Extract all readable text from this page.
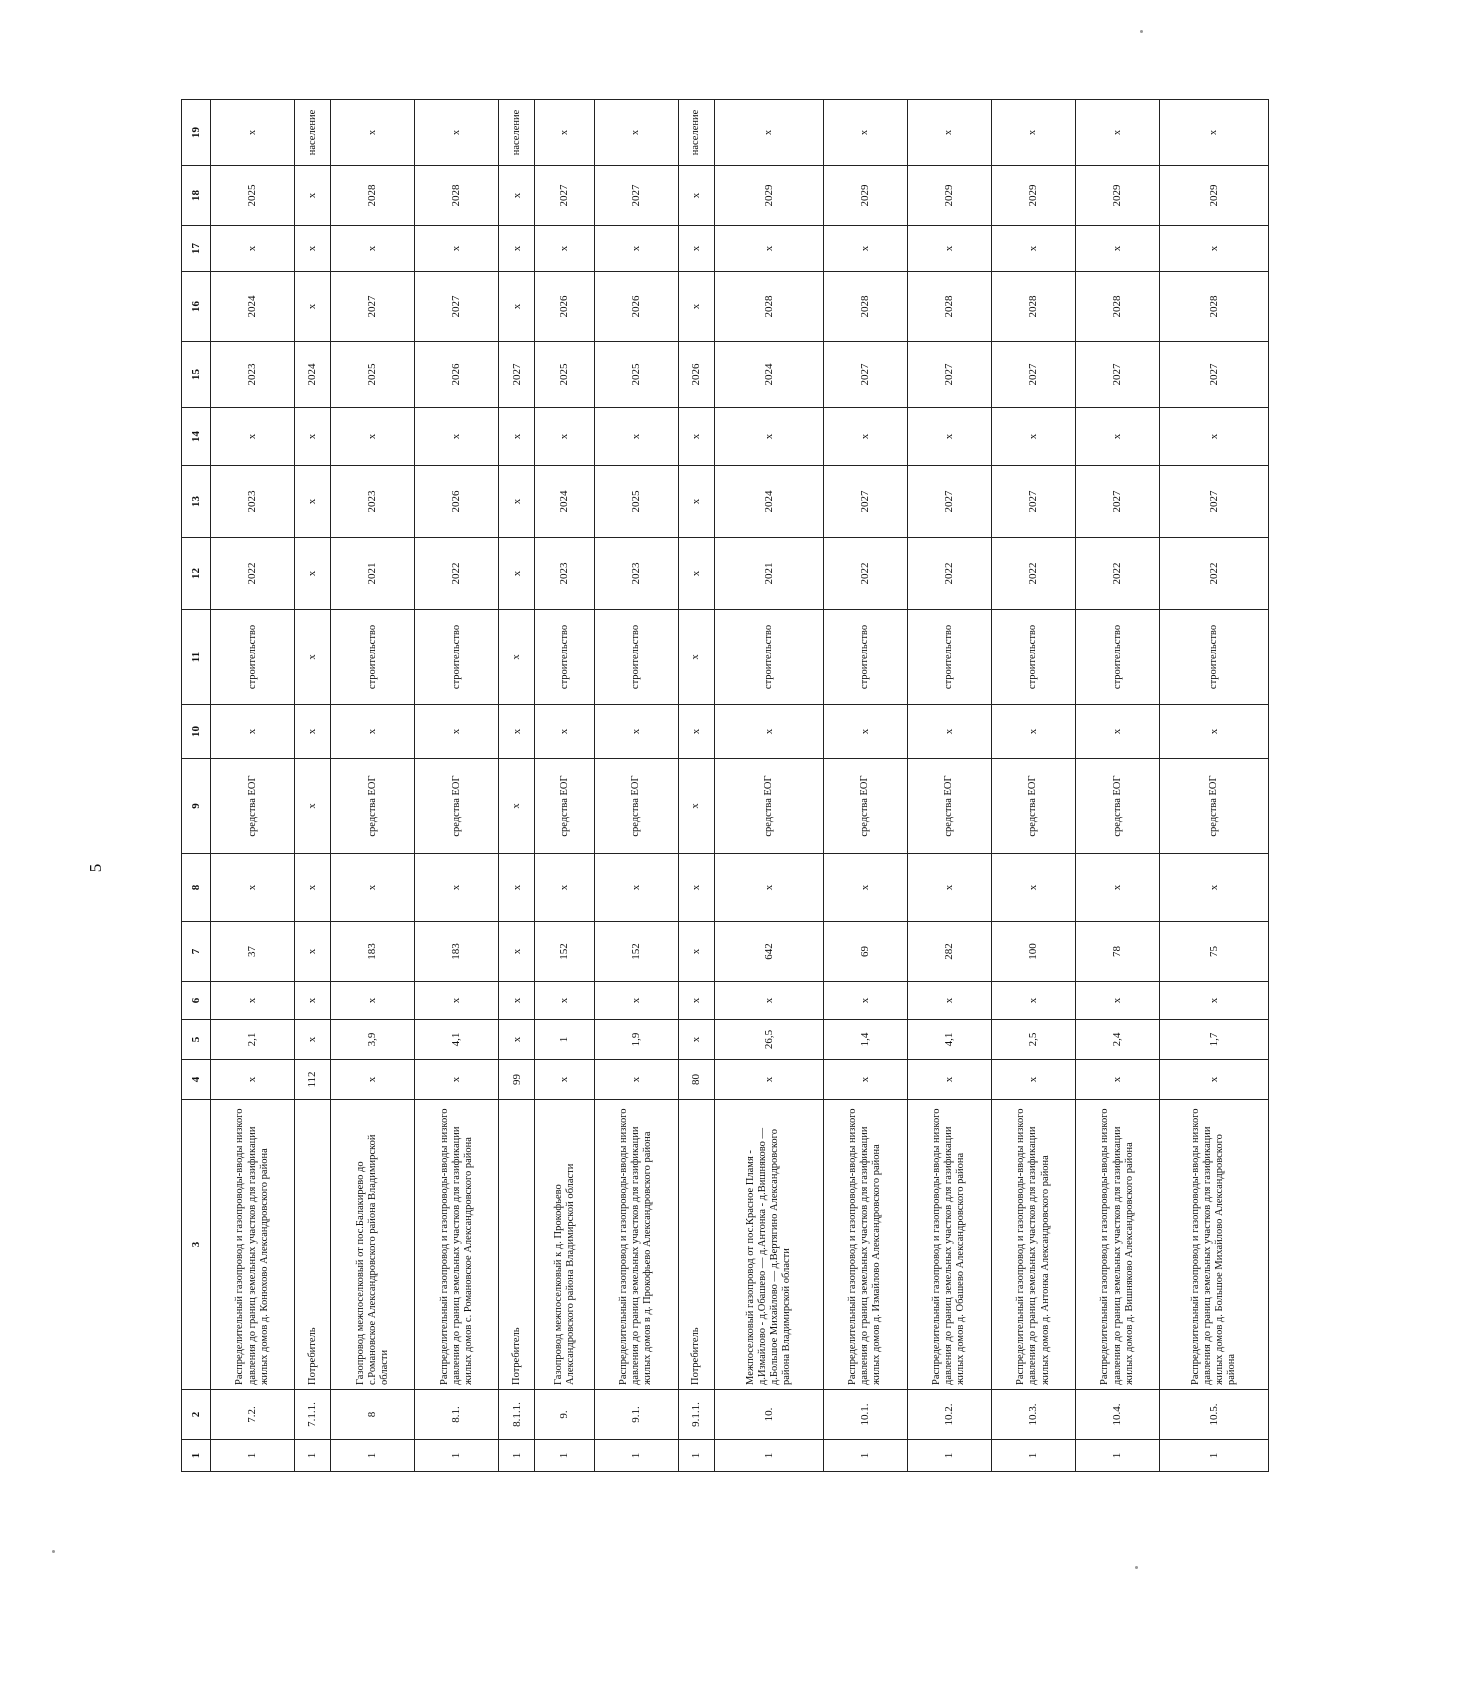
5
1	2	3	4	5	6	7	8	9	10	11	12	13	14	15	16	17	18	19
1	7.2.	Распределительный газопровод и газопроводы-вводы низкого давления до границ земельных участков для газификации жилых домов д. Конюхово Александровского района	x	2,1	x	37	x	средства ЕОГ	x	строительство	2022	2023	x	2023	2024	x	2025	x
1	7.1.1.	Потребитель	112	x	x	x	x	x	x	x	x	x	x	2024	x	x	x	население
1	8	Газопровод межпоселковый от пос.Балакирево до с.Романовское Александровского района Владимирской области	x	3,9	x	183	x	средства ЕОГ	x	строительство	2021	2023	x	2025	2027	x	2028	x
1	8.1.	Распределительный газопровод и газопроводы-вводы низкого давления до границ земельных участков для газификации жилых домов с. Романовское Александровского района	x	4,1	x	183	x	средства ЕОГ	x	строительство	2022	2026	x	2026	2027	x	2028	x
1	8.1.1.	Потребитель	99	x	x	x	x	x	x	x	x	x	x	2027	x	x	x	население
1	9.	Газопровод межпоселковый к д. Прокофьево Александровского района Владимирской области	x	1	x	152	x	средства ЕОГ	x	строительство	2023	2024	x	2025	2026	x	2027	x
1	9.1.	Распределительный газопровод и газопроводы-вводы низкого давления до границ земельных участков для газификации жилых домов в д. Прокофьево Александровского района	x	1,9	x	152	x	средства ЕОГ	x	строительство	2023	2025	x	2025	2026	x	2027	x
1	9.1.1.	Потребитель	80	x	x	x	x	x	x	x	x	x	x	2026	x	x	x	население
1	10.	Межпоселковый газопровод от пос.Красное Пламя - д.Измайлово - д.Обашево — д.Антонка - д.Вишняково — д.Большое Михайлово — д.Вертягино Александровского района Владимирской области	x	26,5	x	642	x	средства ЕОГ	x	строительство	2021	2024	x	2024	2028	x	2029	x
1	10.1.	Распределительный газопровод и газопроводы-вводы низкого давления до границ земельных участков для газификации жилых домов д. Измайлово Александровского района	x	1,4	x	69	x	средства ЕОГ	x	строительство	2022	2027	x	2027	2028	x	2029	x
1	10.2.	Распределительный газопровод и газопроводы-вводы низкого давления до границ земельных участков для газификации жилых домов д. Обашево Александровского района	x	4,1	x	282	x	средства ЕОГ	x	строительство	2022	2027	x	2027	2028	x	2029	x
1	10.3.	Распределительный газопровод и газопроводы-вводы низкого давления до границ земельных участков для газификации жилых домов д. Антонка Александровского района	x	2,5	x	100	x	средства ЕОГ	x	строительство	2022	2027	x	2027	2028	x	2029	x
1	10.4.	Распределительный газопровод и газопроводы-вводы низкого давления до границ земельных участков для газификации жилых домов д. Вишняково Александровского района	x	2,4	x	78	x	средства ЕОГ	x	строительство	2022	2027	x	2027	2028	x	2029	x
1	10.5.	Распределительный газопровод и газопроводы-вводы низкого давления до границ земельных участков для газификации жилых домов д. Большое Михайлово Александровского района	x	1,7	x	75	x	средства ЕОГ	x	строительство	2022	2027	x	2027	2028	x	2029	x
